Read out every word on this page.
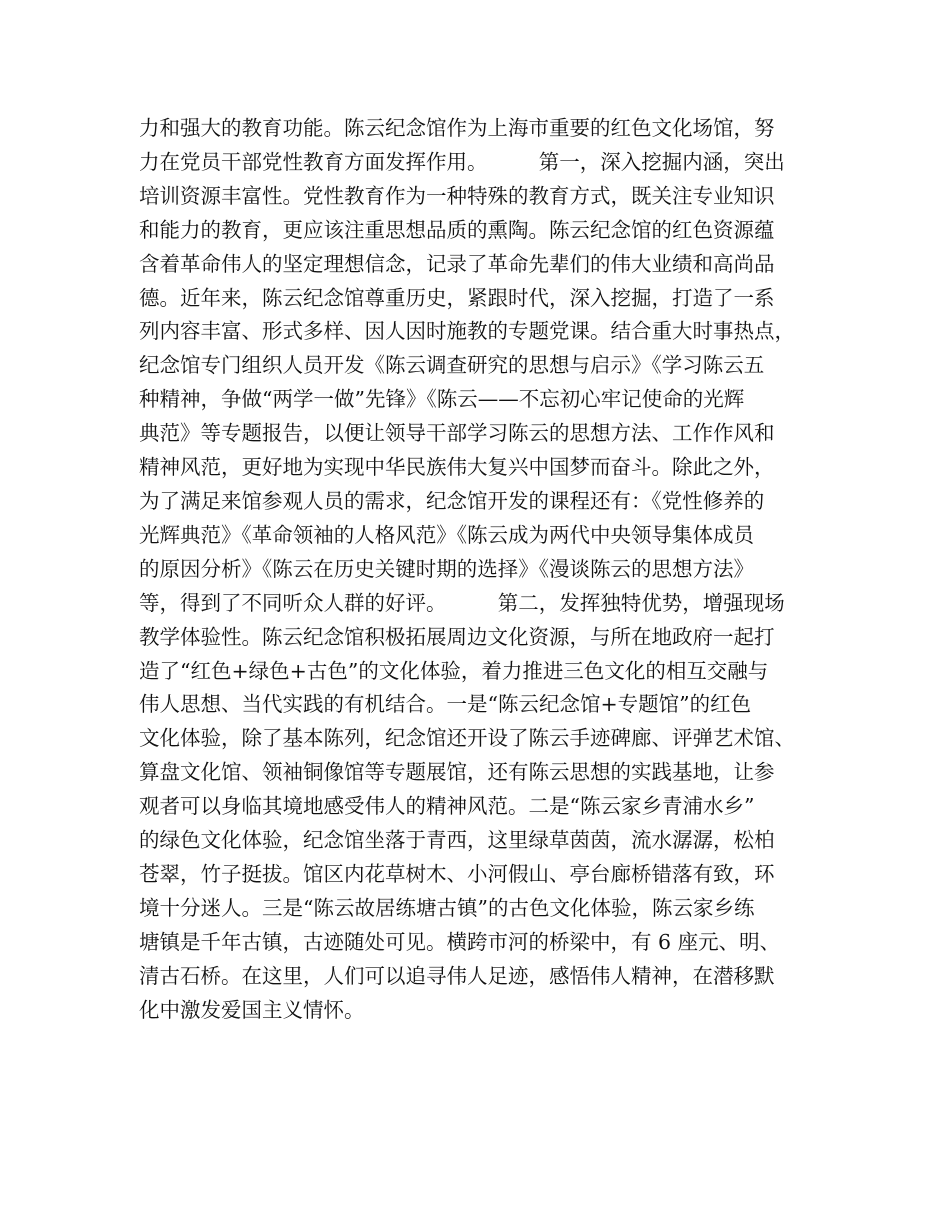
力和强大的教育功能。陈云纪念馆作为上海市重要的红色文化场馆，努
力在党员干部党性教育方面发挥作用。　　　第一，深入挖掘内涵，突出
培训资源丰富性。党性教育作为一种特殊的教育方式，既关注专业知识
和能力的教育，更应该注重思想品质的熏陶。陈云纪念馆的红色资源蕴
含着革命伟人的坚定理想信念，记录了革命先辈们的伟大业绩和高尚品
德。近年来，陈云纪念馆尊重历史，紧跟时代，深入挖掘，打造了一系
列内容丰富、形式多样、因人因时施教的专题党课。结合重大时事热点，
纪念馆专门组织人员开发《陈云调查研究的思想与启示》《学习陈云五
种精神，争做“两学一做”先锋》《陈云——不忘初心牢记使命的光辉
典范》等专题报告，以便让领导干部学习陈云的思想方法、工作作风和
精神风范，更好地为实现中华民族伟大复兴中国梦而奋斗。除此之外，
为了满足来馆参观人员的需求，纪念馆开发的课程还有：《党性修养的
光辉典范》《革命领袖的人格风范》《陈云成为两代中央领导集体成员
的原因分析》《陈云在历史关键时期的选择》《漫谈陈云的思想方法》
等，得到了不同听众人群的好评。　　　第二，发挥独特优势，增强现场
教学体验性。陈云纪念馆积极拓展周边文化资源，与所在地政府一起打
造了“红色+绿色+古色”的文化体验，着力推进三色文化的相互交融与
伟人思想、当代实践的有机结合。一是“陈云纪念馆+专题馆”的红色
文化体验，除了基本陈列，纪念馆还开设了陈云手迹碑廊、评弹艺术馆、
算盘文化馆、领袖铜像馆等专题展馆，还有陈云思想的实践基地，让参
观者可以身临其境地感受伟人的精神风范。二是“陈云家乡青浦水乡”
的绿色文化体验，纪念馆坐落于青西，这里绿草茵茵，流水潺潺，松柏
苍翠，竹子挺拔。馆区内花草树木、小河假山、亭台廊桥错落有致，环
境十分迷人。三是“陈云故居练塘古镇”的古色文化体验，陈云家乡练
塘镇是千年古镇，古迹随处可见。横跨市河的桥梁中，有 6 座元、明、
清古石桥。在这里，人们可以追寻伟人足迹，感悟伟人精神，在潜移默
化中激发爱国主义情怀。
